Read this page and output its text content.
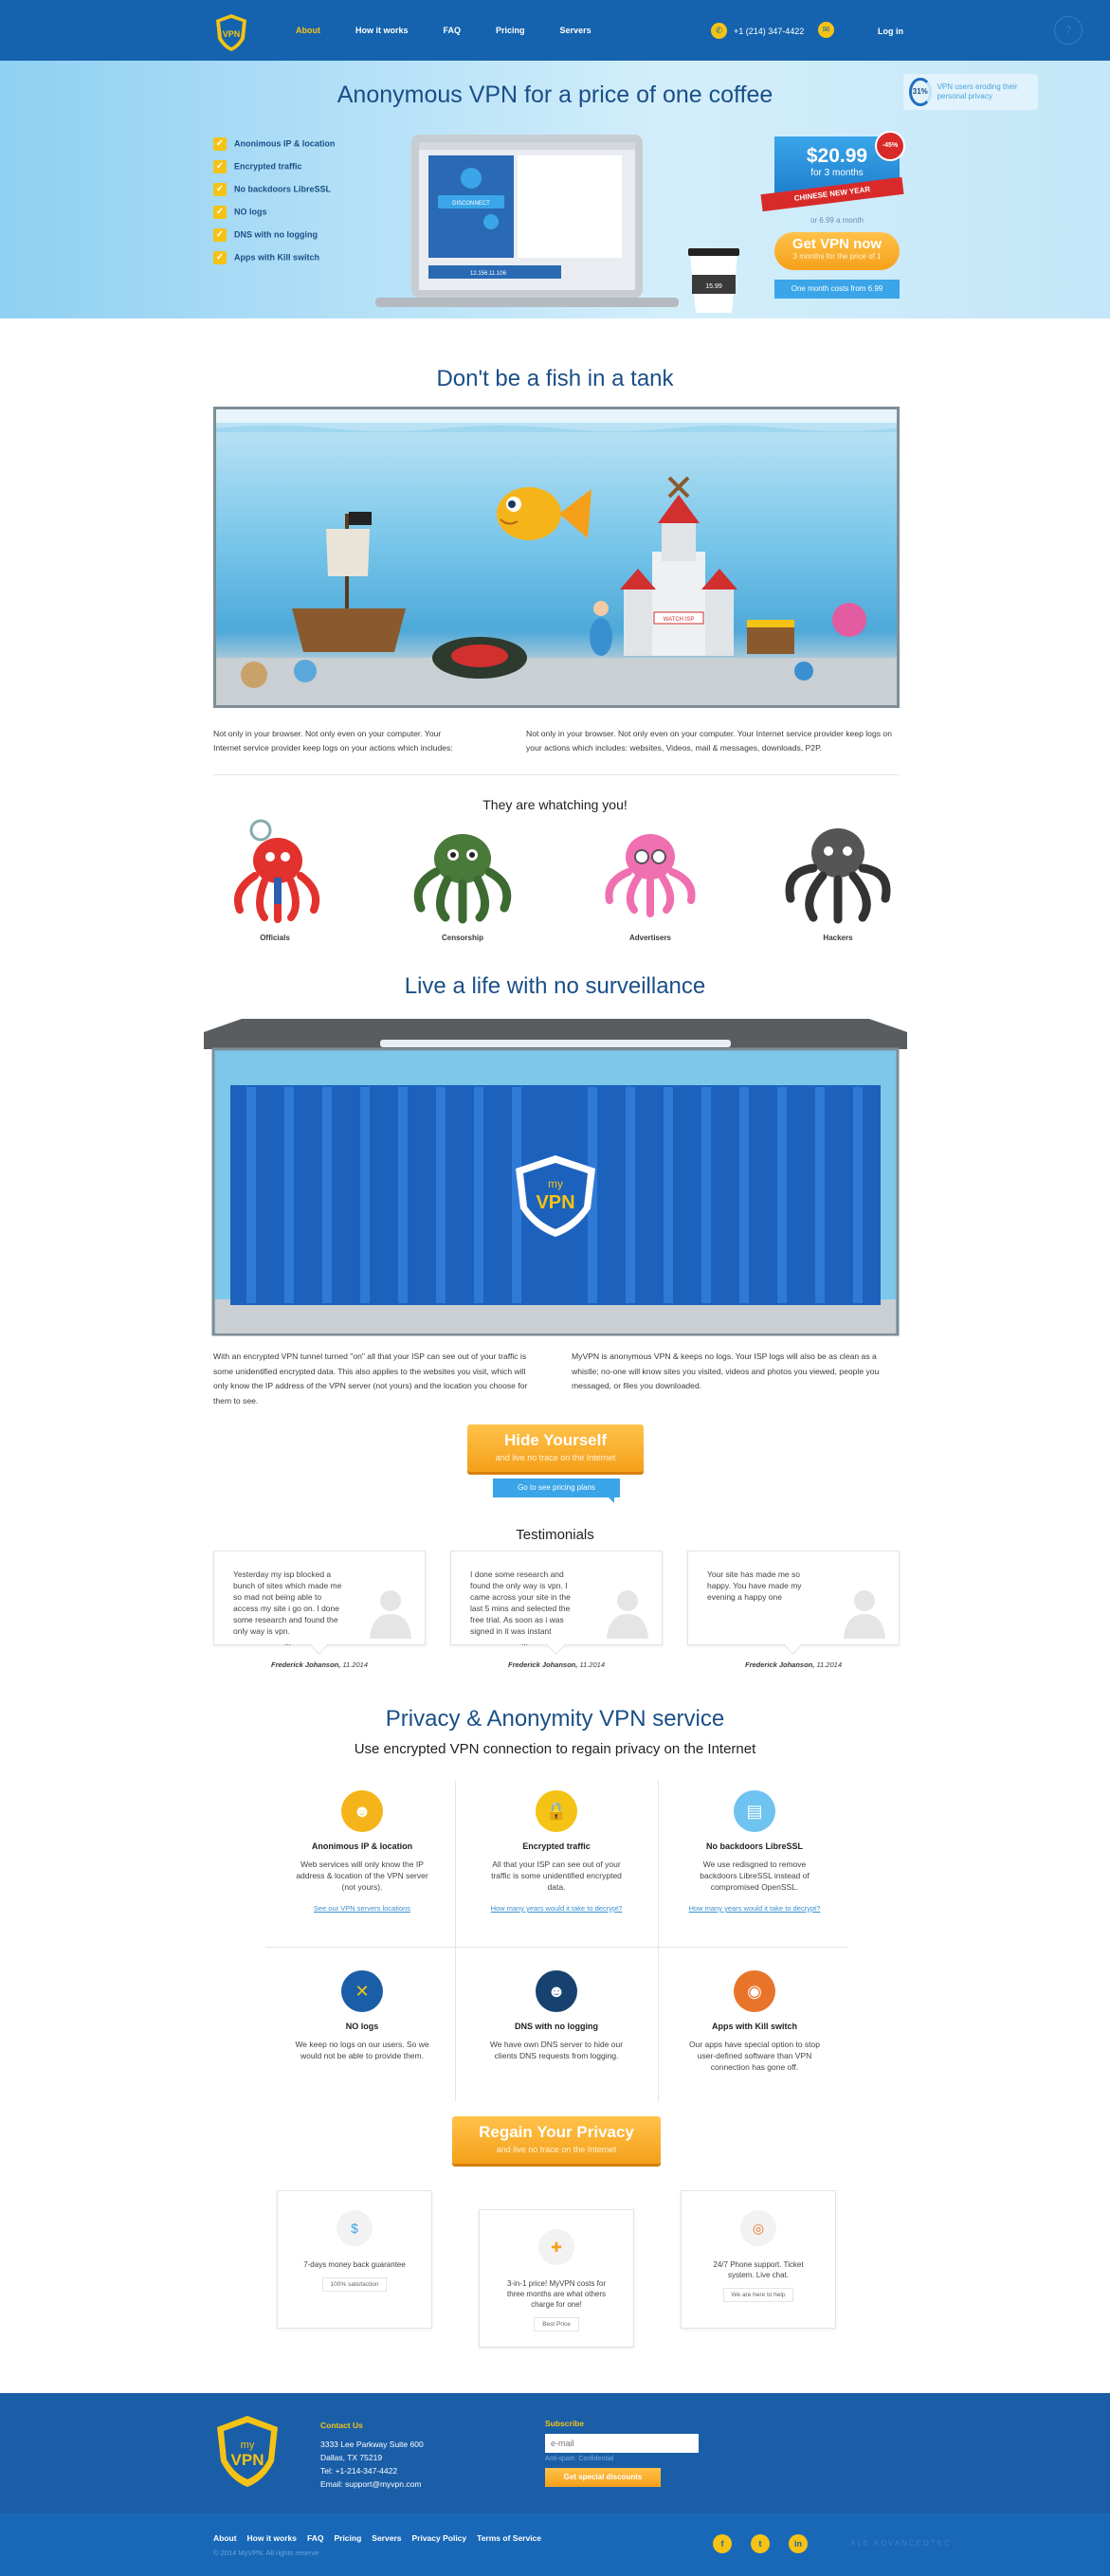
VPN	About	How it works	FAQ	Pricing	Servers	✆	+1 (214) 347-4422	✉	Log in	?
Anonymous VPN for a price of one coffee	31%
VPN users eroding their personal privacy
✓ Anonimous IP & location
✓ Encrypted traffic
✓ No backdoors LibreSSL
✓ NO logs
✓ DNS with no logging
✓ Apps with Kill switch
DISCONNECT
12.156.11.106
15.99
$20.99
for 3 months
CHINESE NEW YEAR
-45%
or 6.99 a month
Get VPN now
3 months for the price of 1
One month costs from 6.99
Don't be a fish in a tank
WATCH ISP

Not only in your browser. Not only even on your computer. Your Internet service provider keep logs on your actions which includes:

Not only in your browser. Not only even on your computer. Your Internet service provider keep logs on your actions which includes: websites, Videos, mail & messages, downloads, P2P.

They are whatching you!
Officials	Censorship	Advertisers	Hackers
Live a life with no surveillance
my
VPN

With an encrypted VPN tunnel turned "on" all that your ISP can see out of your traffic is some unidentified encrypted data. This also applies to the websites you visit, which will only know the IP address of the VPN server (not yours) and the location you choose for them to see.

MyVPN is anonymous VPN & keeps no logs. Your ISP logs will also be as clean as a whistle; no-one will know sites you visited, videos and photos you viewed, people you messaged, or files you downloaded.

Hide Yourself
and live no trace on the Internet
Go to see pricing plans
Testimonials

Yesterday my isp blocked a bunch of sites which made me so mad not being able to access my site i go on. I done some research and found the only way is vpn.

...

Frederick Johanson, 11.2014

I done some research and found the only way is vpn. I came across your site in the last 5 mins and selected the free trial. As soon as i was signed in it was instant

...

Frederick Johanson, 11.2014

Your site has made me so happy. You have made my evening a happy one

Frederick Johanson, 11.2014
Privacy & Anonymity VPN service
Use encrypted VPN connection to regain privacy on the Internet
☻
Anonimous IP & location

Web services will only know the IP address & location of the VPN server (not yours).

See our VPN servers locations
🔒
Encrypted traffic

All that your ISP can see out of your traffic is some unidentified encrypted data.

How many years would it take to decrypt?
▤
No backdoors LibreSSL

We use redisgned to remove backdoors LibreSSL instead of compromised OpenSSL.

How many years would it take to decrypt?
✕
NO logs

We keep no logs on our users. So we would not be able to provide them.

☻
DNS with no logging

We have own DNS server to hide our clients DNS requests from logging.

◉
Apps with Kill switch

Our apps have special option to stop user-defined software than VPN connection has gone off.

Regain Your Privacy
and live no trace on the Internet
$

7-days money back guarantee

100% satisfaction
✚

3-in-1 price! MyVPN costs for three months are what others charge for one!

Best Price
◎

24/7 Phone support. Ticket system. Live chat.

We are here to help
my
VPN
Contact Us
3333 Lee Parkway Suite 600
Dallas, TX 75219
Tel: +1-214-347-4422
Email: support@myvpn.com
Subscribe
e-mail
Anti-spam. Confidential
Get special discounts
About How it works FAQ Pricing Servers Privacy Policy Terms of Service
© 2014 MyVPN. All rights reserve
f	t	in	ALE ADVANCEDTEC
